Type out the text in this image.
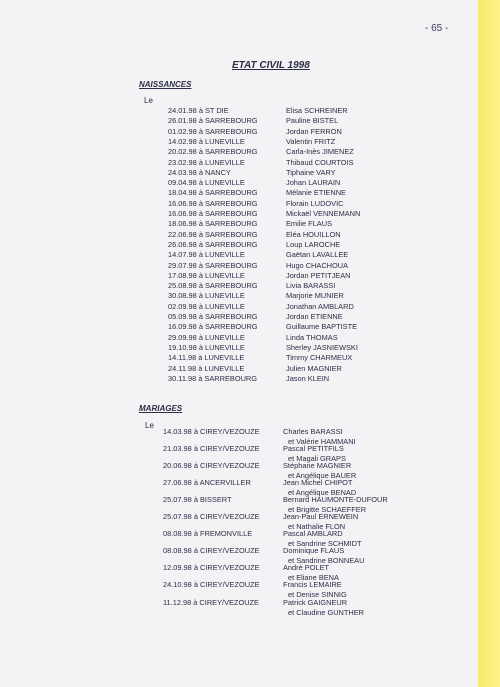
- 65 -
ETAT CIVIL 1998
NAISSANCES
Le
24.01.98 à ST DIE	Elisa SCHREINER
26.01.98 à SARREBOURG	Pauline BISTEL
01.02.98 à SARREBOURG	Jordan FERRON
14.02.98 à LUNEVILLE	Valentin FRITZ
20.02.98 à SARREBOURG	Carla-Inès JIMENEZ
23.02.98 à LUNEVILLE	Thibaud COURTOIS
24.03.98 à NANCY	Tiphaine VARY
09.04.98 à LUNEVILLE	Johan LAURAIN
18.04.98 à SARREBOURG	Mélanie ETIENNE
16.06.98 à SARREBOURG	Florain LUDOVIC
16.06.98 à SARREBOURG	Mickaël VENNEMANN
18.06.98 à SARREBOURG	Emilie FLAUS
22.06.98 à SARREBOURG	Eléa HOUILLON
26.06.98 à SARREBOURG	Loup LAROCHE
14.07.98 à LUNEVILLE	Gaëtan LAVALLEE
29.07.98 à SARREBOURG	Hugo CHACHOUA
17.08.98 à LUNEVILLE	Jordan PETITJEAN
25.08.98 à SARREBOURG	Livia BARASSI
30.08.98 à LUNEVILLE	Marjorie MUNIER
02.09.98 à LUNEVILLE	Jonathan AMBLARD
05.09.98 à SARREBOURG	Jordan ETIENNE
16.09.98 à SARREBOURG	Guillaume BAPTISTE
29.09.98 à LUNEVILLE	Linda THOMAS
19.10.98 à LUNEVILLE	Sherley JASNIEWSKI
14.11.98 à LUNEVILLE	Timmy CHARMEUX
24.11.98 à LUNEVILLE	Julien MAGNIER
30.11.98 à SARREBOURG	Jason KLEIN
MARIAGES
Le
14.03.98 à CIREY/VEZOUZE	Charles BARASSI
et Valérie HAMMANI
21.03.98 à CIREY/VEZOUZE	Pascal PETITFILS
et Magali GRAPS
20.06.98 à CIREY/VEZOUZE	Stéphane MAGNIER
et Angélique BAUER
27.06.98 à ANCERVILLER	Jean Michel CHIPOT
et Angélique BENAD
25.07.98 à BISSERT	Bernard HAUMONTE-DUFOUR
et Brigitte SCHAEFFER
25.07.98 à CIREY/VEZOUZE	Jean-Paul ERNEWEIN
et Nathalie FLON
08.08.98 à FREMONVILLE	Pascal AMBLARD
et Sandrine SCHMIDT
08.08.98 à CIREY/VEZOUZE	Dominique FLAUS
et Sandrine BONNEAU
12.09.98 à CIREY/VEZOUZE	André POLET
et Eliane BENA
24.10.98 à CIREY/VEZOUZE	Francis LEMAIRE
et Denise SINNIG
11.12.98 à CIREY/VEZOUZE	Patrick GAIGNEUR
et Claudine GUNTHER
